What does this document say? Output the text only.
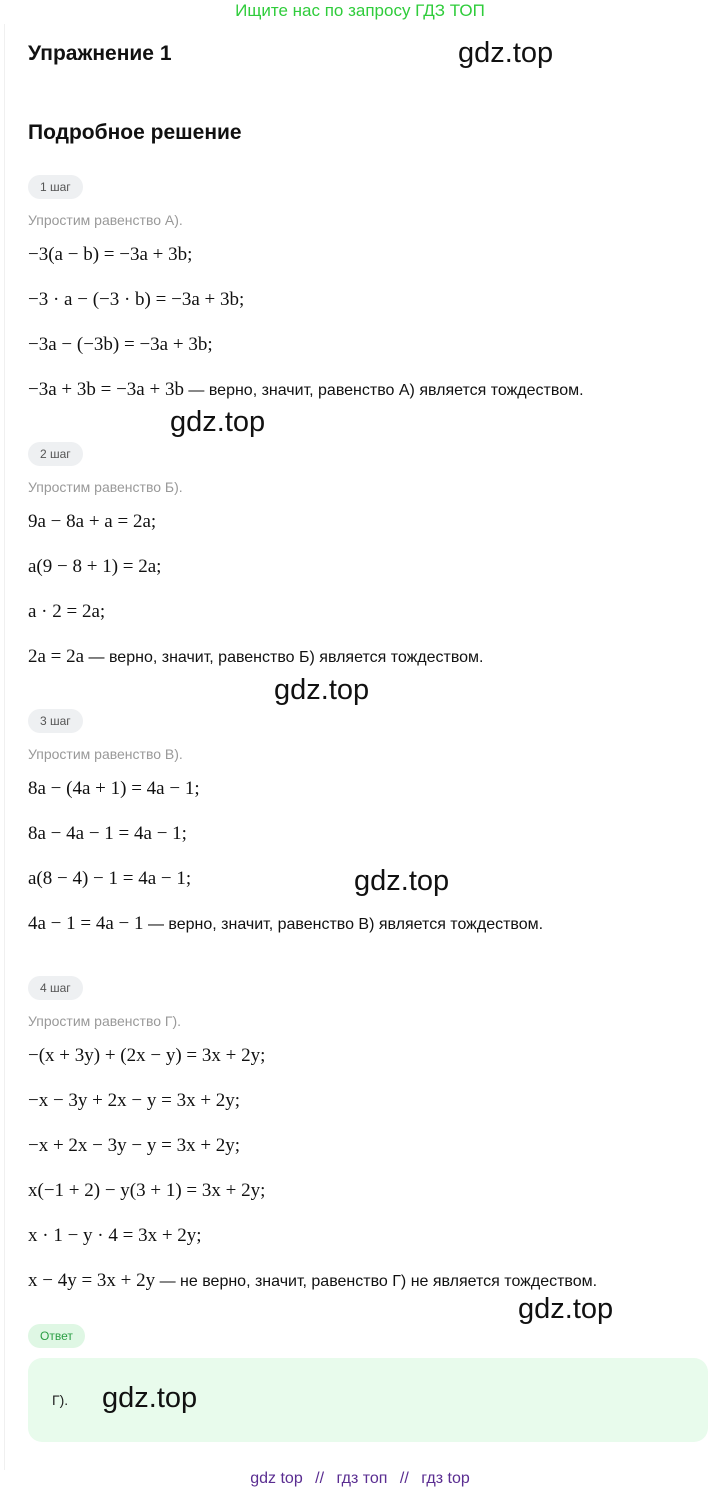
Ищите нас по запросу ГДЗ ТОП
Упражнение 1	gdz.top
Подробное решение
1 шаг
Упростим равенство А).
−3(a − b) = −3a + 3b;
−3 · a − (−3 · b) = −3a + 3b;
−3a − (−3b) = −3a + 3b;
−3a + 3b = −3a + 3b — верно, значит, равенство А) является тождеством.
gdz.top
2 шаг
Упростим равенство Б).
9a − 8a + a = 2a;
a(9 − 8 + 1) = 2a;
a · 2 = 2a;
2a = 2a — верно, значит, равенство Б) является тождеством.
gdz.top
3 шаг
Упростим равенство В).
8a − (4a + 1) = 4a − 1;
8a − 4a − 1 = 4a − 1;
a(8 − 4) − 1 = 4a − 1;	gdz.top
4a − 1 = 4a − 1 — верно, значит, равенство В) является тождеством.
4 шаг
Упростим равенство Г).
−(x + 3y) + (2x − y) = 3x + 2y;
−x − 3y + 2x − y = 3x + 2y;
−x + 2x − 3y − y = 3x + 2y;
x(−1 + 2) − y(3 + 1) = 3x + 2y;
x · 1 − y · 4 = 3x + 2y;
x − 4y = 3x + 2y — не верно, значит, равенство Г) не является тождеством.
gdz.top
Ответ
Г). gdz.top
gdz top // гдз топ // гдз top
